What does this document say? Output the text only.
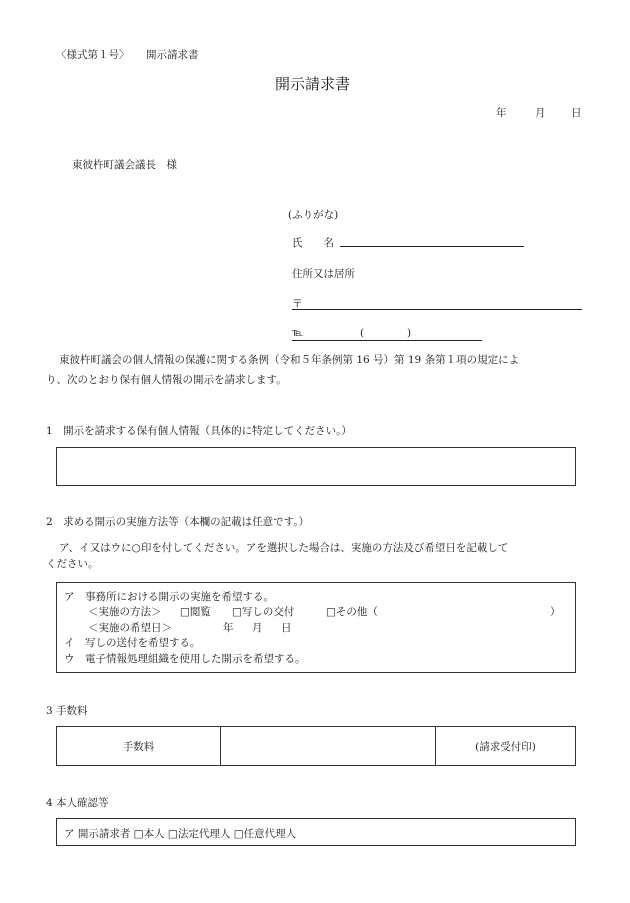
〈様式第１号〉 開示請求書
開示請求書
年	月 日
東彼杵町議会議長　様
(ふりがな)
氏　　名
住所又は居所
〒
℡	(	)
東彼杵町議会の個人情報の保護に関する条例（令和５年条例第 16 号）第 19 条第１項の規定によ
り、次のとおり保有個人情報の開示を請求します。
1　開示を請求する保有個人情報（具体的に特定してください。）
2　求める開示の実施方法等（本欄の記載は任意です。）
ア、イ又はウに○印を付してください。アを選択した場合は、実施の方法及び希望日を記載して
ください。
ア　事務所における開示の実施を希望する。
＜実施の方法＞ □閲覧 □写しの交付	□その他（	）
＜実施の希望日＞	年 月 日
イ　写しの送付を希望する。
ウ　電子情報処理組織を使用した開示を希望する。
3 手数料
手数料		(請求受付印)
4 本人確認等
ア 開示請求者 □本人 □法定代理人 □任意代理人
